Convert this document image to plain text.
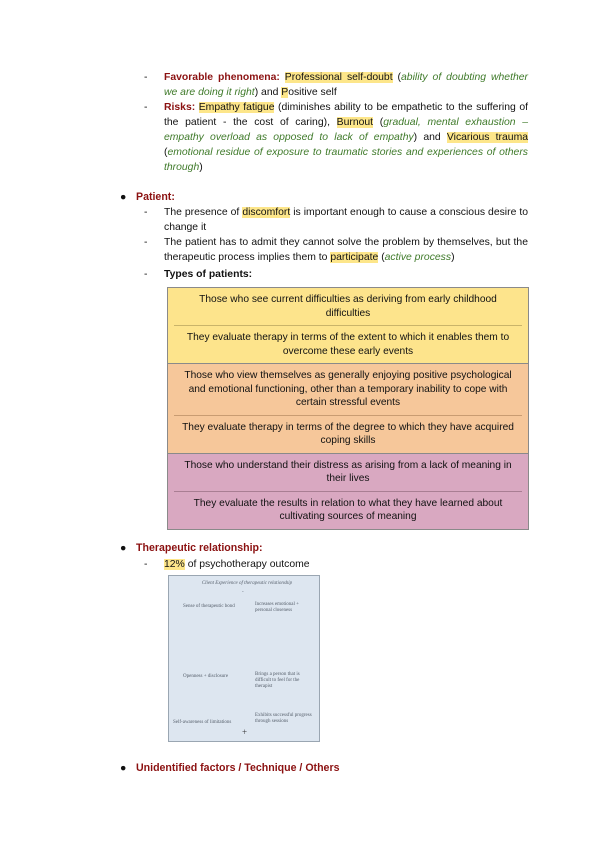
- Favorable phenomena: Professional self-doubt (ability of doubting whether we are doing it right) and Positive self
- Risks: Empathy fatigue (diminishes ability to be empathetic to the suffering of the patient - the cost of caring), Burnout (gradual, mental exhaustion – empathy overload as opposed to lack of empathy) and Vicarious trauma (emotional residue of exposure to traumatic stories and experiences of others through)
● Patient:
- The presence of discomfort is important enough to cause a conscious desire to change it
- The patient has to admit they cannot solve the problem by themselves, but the therapeutic process implies them to participate (active process)
- Types of patients:
Those who see current difficulties as deriving from early childhood difficulties
They evaluate therapy in terms of the extent to which it enables them to overcome these early events
Those who view themselves as generally enjoying positive psychological and emotional functioning, other than a temporary inability to cope with certain stressful events
They evaluate therapy in terms of the degree to which they have acquired coping skills
Those who understand their distress as arising from a lack of meaning in their lives
They evaluate the results in relation to what they have learned about cultivating sources of meaning
● Therapeutic relationship:
- 12% of psychotherapy outcome
Client Experience of therapeutic relationship
-
Sense of therapeutic bond	Increases emotional + personal closeness
Openness + disclosure	Brings a person that is difficult to feel for the therapist
Self-awareness of limitations
Exhibits successful progress through sessions
+
● Unidentified factors / Technique / Others
